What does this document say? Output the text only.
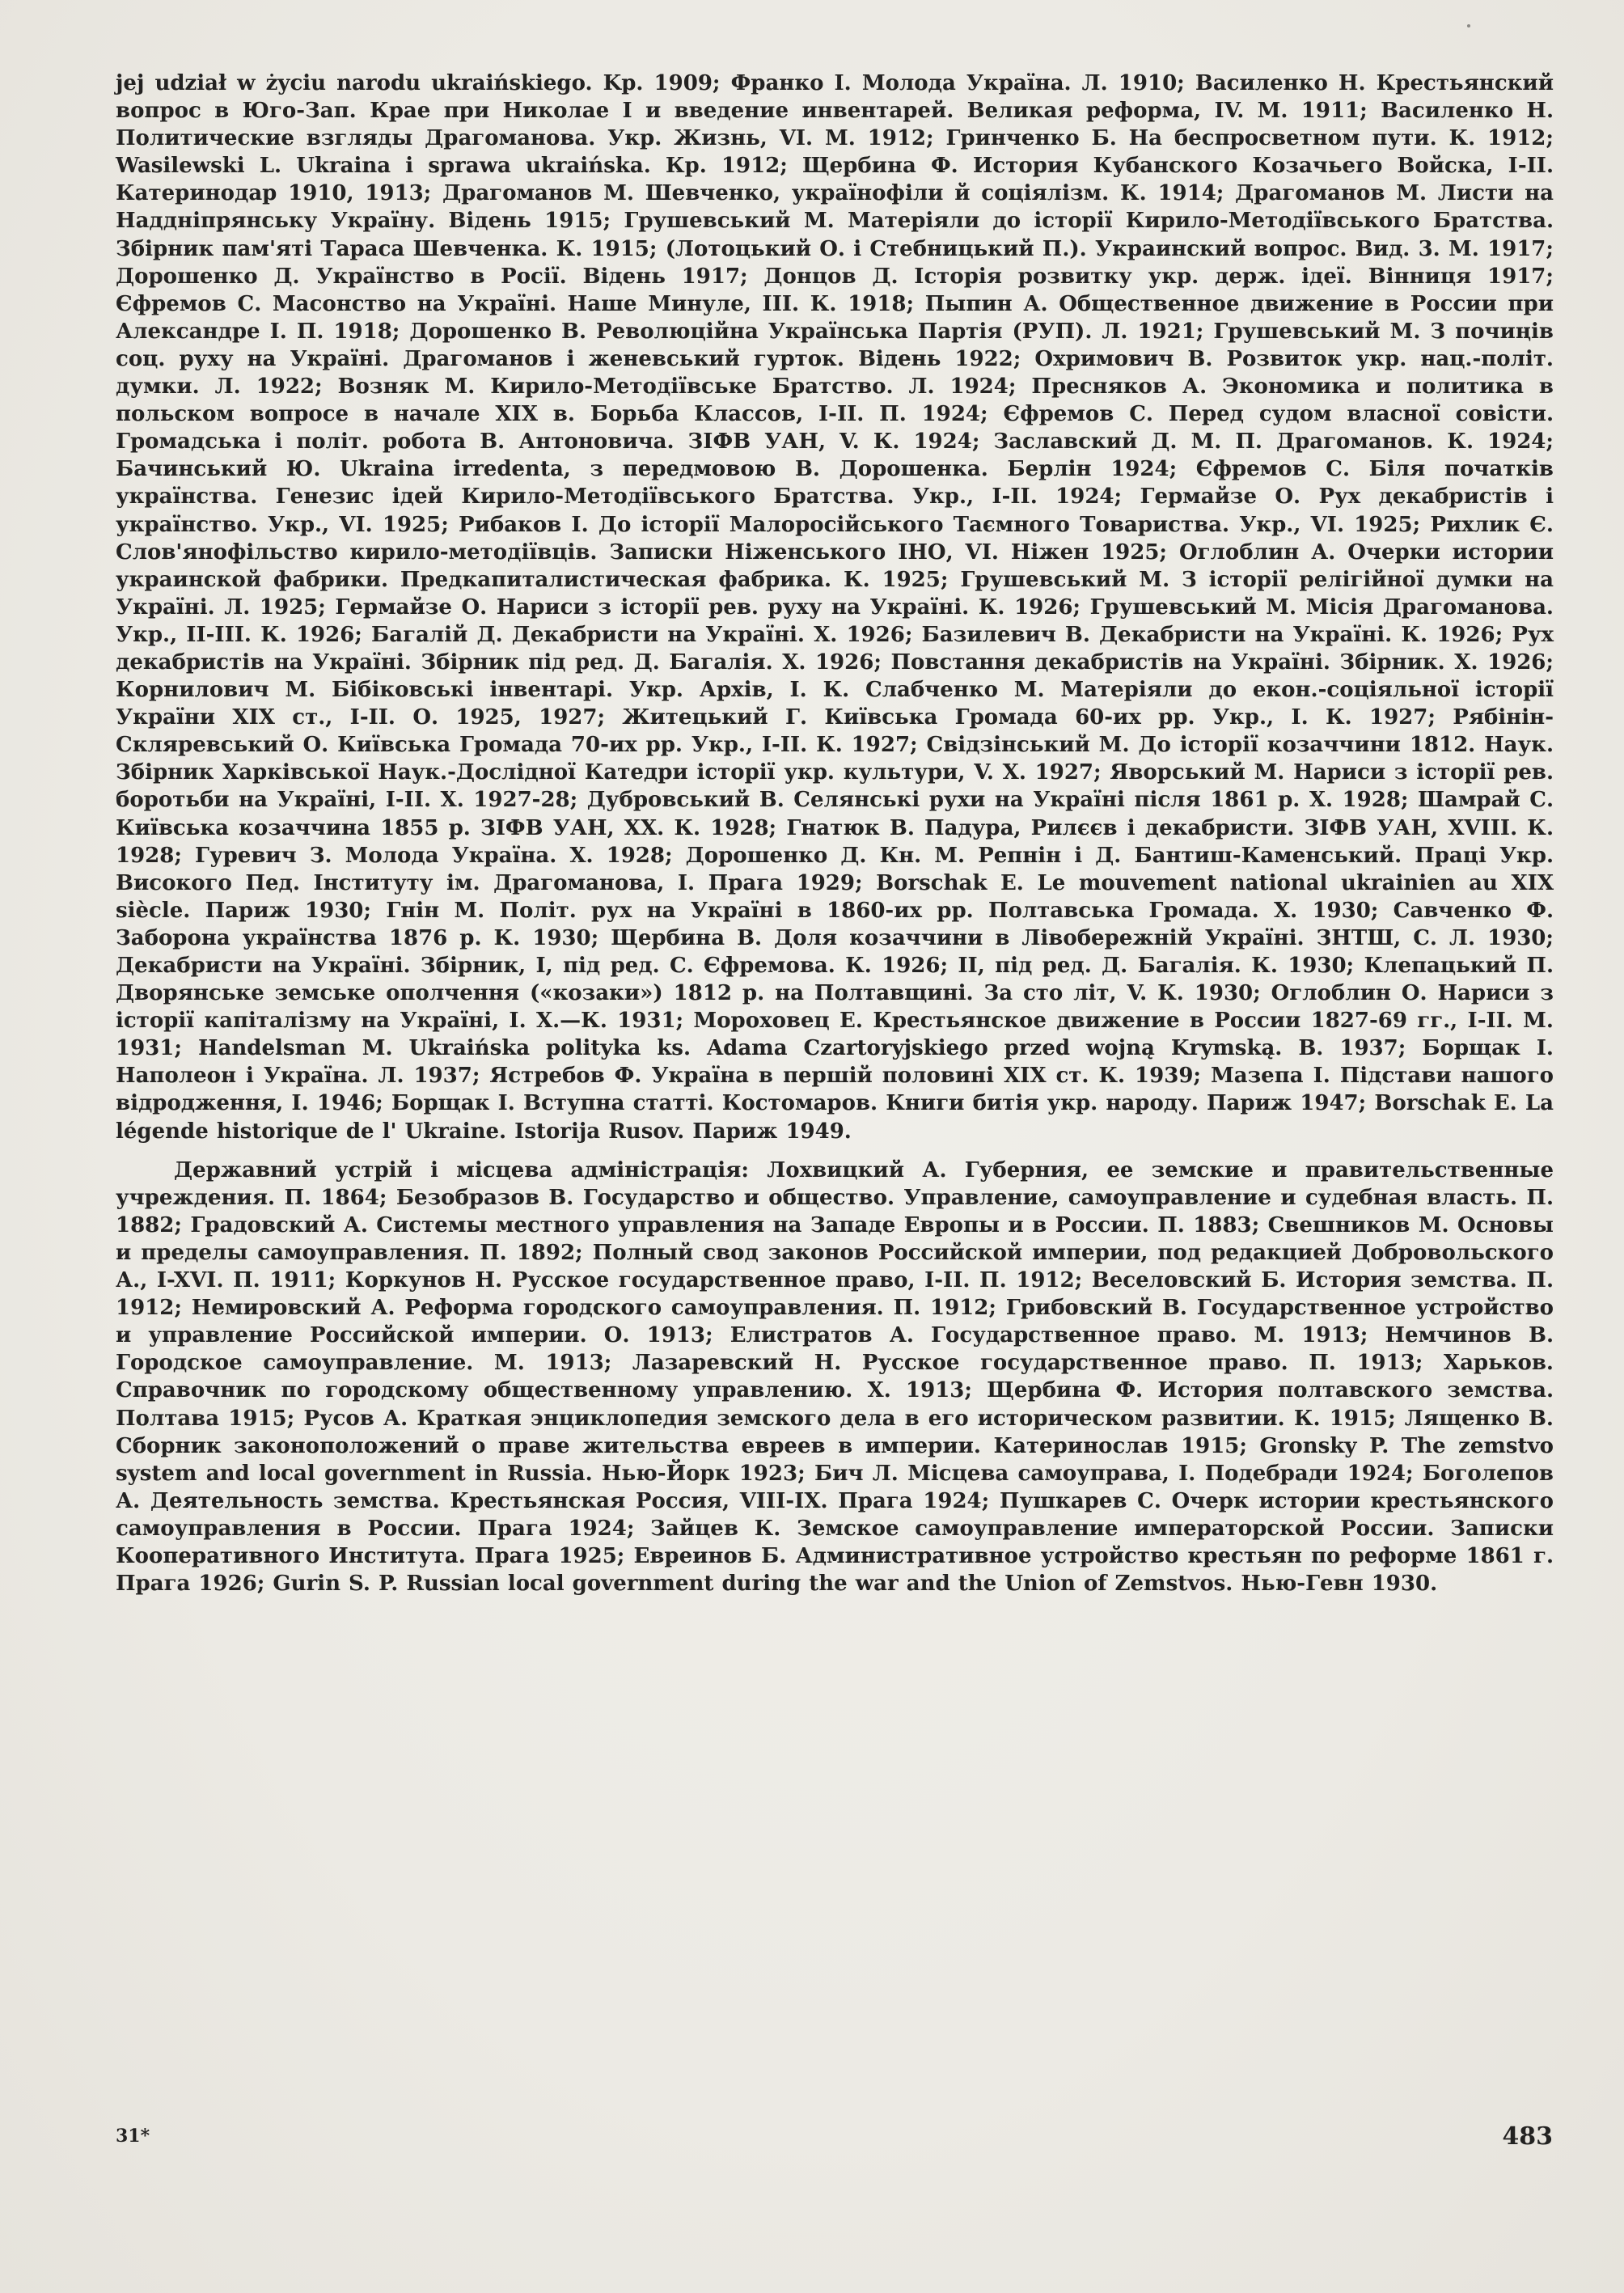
jej udział w życiu narodu ukraińskiego. Kр. 1909; Франко І. Молода Україна. Л. 1910; Василенко Н. Крестьянский вопрос в Юго-Зап. Крае при Николае I и введение инвентарей. Великая реформа, IV. М. 1911; Василенко Н. Политические взгляды Драгоманова. Укр. Жизнь, VI. М. 1912; Гринченко Б. На беспросветном пути. К. 1912; Wasilewski L. Ukraina i sprawa ukraińska. Кр. 1912; Щербина Ф. История Кубанского Козачьего Войска, I-II. Катеринодар 1910, 1913; Драгоманов М. Шевченко, українофіли й соціялізм. К. 1914; Драгоманов М. Листи на Наддніпрянську Україну. Відень 1915; Грушевський М. Матеріяли до історії Кирило-Методіївського Братства. Збірник пам'яті Тараса Шевченка. К. 1915; (Лотоцький О. і Стебницький П.). Украинский вопрос. Вид. 3. М. 1917; Дорошенко Д. Українство в Росії. Відень 1917; Донцов Д. Історія розвитку укр. держ. ідеї. Вінниця 1917; Єфремов С. Масонство на Україні. Наше Минуле, III. К. 1918; Пыпин А. Общественное движение в России при Александре I. П. 1918; Дорошенко В. Революційна Українська Партія (РУП). Л. 1921; Грушевський М. З почиңів соц. руху на Україні. Драгоманов і женевський гурток. Відень 1922; Охримович В. Розвиток укр. нац.-політ. думки. Л. 1922; Возняк М. Кирило-Методіївське Братство. Л. 1924; Пресняков А. Экономика и политика в польском вопросе в начале XIX в. Борьба Классов, I-II. П. 1924; Єфремов С. Перед судом власної совісти. Громадська і політ. робота В. Антоновича. ЗІФВ УАН, V. К. 1924; Заславский Д. М. П. Драгоманов. К. 1924; Бачинський Ю. Ukraina irredenta, з передмовою В. Дорошенка. Берлін 1924; Єфремов С. Біля початків українства. Генезис ідей Кирило-Методіївського Братства. Укр., I-II. 1924; Гермайзе О. Рух декабристів і українство. Укр., VI. 1925; Рибаков І. До історії Малоросійського Таємного Товариства. Укр., VI. 1925; Рихлик Є. Слов'янофільство кирило-методіївців. Записки Ніженського ІНО, VI. Ніжен 1925; Оглоблин А. Очерки истории украинской фабрики. Предкапиталистическая фабрика. К. 1925; Грушевський М. З історії релігійної думки на Україні. Л. 1925; Гермайзе О. Нариси з історії рев. руху на Україні. К. 1926; Грушевський М. Місія Драгоманова. Укр., II-III. К. 1926; Багалій Д. Декабристи на Україні. Х. 1926; Базилевич В. Декабристи на Україні. К. 1926; Рух декабристів на Україні. Збірник під ред. Д. Багалія. Х. 1926; Повстання декабристів на Україні. Збірник. Х. 1926; Корнилович М. Бібіковські інвентарі. Укр. Архів, I. К. Слабченко М. Матеріяли до екон.-соціяльної історії України XIX ст., I-II. О. 1925, 1927; Житецький Г. Київська Громада 60-их рр. Укр., I. К. 1927; Рябінін-Скляревський О. Київська Громада 70-их рр. Укр., I-II. К. 1927; Свідзінський М. До історії козаччини 1812. Наук. Збірник Харківської Наук.-Дослідної Катедри історії укр. культури, V. Х. 1927; Яворський М. Нариси з історії рев. боротьби на Україні, I-II. Х. 1927-28; Дубровський В. Селянські рухи на Україні після 1861 р. Х. 1928; Шамрай С. Київська козаччина 1855 р. ЗІФВ УАН, XX. К. 1928; Гнатюк В. Падура, Рилєєв і декабристи. ЗІФВ УАН, XVIII. К. 1928; Гуревич З. Молода Україна. Х. 1928; Дорошенко Д. Кн. М. Репнін і Д. Бантиш-Каменський. Праці Укр. Високого Пед. Інституту ім. Драгоманова, I. Прага 1929; Borschak E. Le mouvement national ukrainien au XIX siècle. Париж 1930; Гнін М. Політ. рух на Україні в 1860-их рр. Полтавська Громада. Х. 1930; Савченко Ф. Заборона українства 1876 р. К. 1930; Щербина В. Доля козаччини в Лівобережній Україні. ЗНТШ, С. Л. 1930; Декабристи на Україні. Збірник, I, під ред. С. Єфремова. К. 1926; II, під ред. Д. Багалія. К. 1930; Клепацький П. Дворянське земське ополчення («козаки») 1812 р. на Полтавщині. За сто літ, V. К. 1930; Оглоблин О. Нариси з історії капіталізму на Україні, I. Х.—К. 1931; Мороховец Е. Крестьянское движение в России 1827-69 гг., I-II. М. 1931; Handelsman M. Ukraińska polityka ks. Adama Czartoryjskiego przed wojną Krymską. В. 1937; Борщак І. Наполеон і Україна. Л. 1937; Ястребов Ф. Україна в першій половині XIX ст. К. 1939; Мазепа І. Підстави нашого відродження, I. 1946; Борщак І. Вступна статті. Костомаров. Книги битія укр. народу. Париж 1947; Borschak E. La légende historique de l' Ukraine. Istorija Rusov. Париж 1949.

Державний устрій і місцева адміністрація: Лохвицкий А. Губерния, ее земские и правительственные учреждения. П. 1864; Безобразов В. Государство и общество. Управление, самоуправление и судебная власть. П. 1882; Градовский А. Системы местного управления на Западе Европы и в России. П. 1883; Свешников М. Основы и пределы самоуправления. П. 1892; Полный свод законов Российской империи, под редакцией Добровольского А., I-XVI. П. 1911; Коркунов Н. Русское государственное право, I-II. П. 1912; Веселовский Б. История земства. П. 1912; Немировский А. Реформа городского самоуправления. П. 1912; Грибовский В. Государственное устройство и управление Российской империи. О. 1913; Елистратов А. Государственное право. М. 1913; Немчинов В. Городское самоуправление. М. 1913; Лазаревский Н. Русское государственное право. П. 1913; Харьков. Справочник по городскому общественному управлению. Х. 1913; Щербина Ф. История полтавского земства. Полтава 1915; Русов А. Краткая энциклопедия земского дела в его историческом развитии. К. 1915; Лященко В. Сборник законоположений о праве жительства евреев в империи. Катеринослав 1915; Gronsky P. The zemstvo system and local government in Russia. Нью-Йорк 1923; Бич Л. Місцева самоуправа, I. Подебради 1924; Боголепов А. Деятельность земства. Крестьянская Россия, VIII-IX. Прага 1924; Пушкарев С. Очерк истории крестьянского самоуправления в России. Прага 1924; Зайцев К. Земское самоуправление императорской России. Записки Кооперативного Института. Прага 1925; Евреинов Б. Административное устройство крестьян по реформе 1861 г. Прага 1926; Gurin S. P. Russian local government during the war and the Union of Zemstvos. Нью-Гевн 1930.

31*	483
